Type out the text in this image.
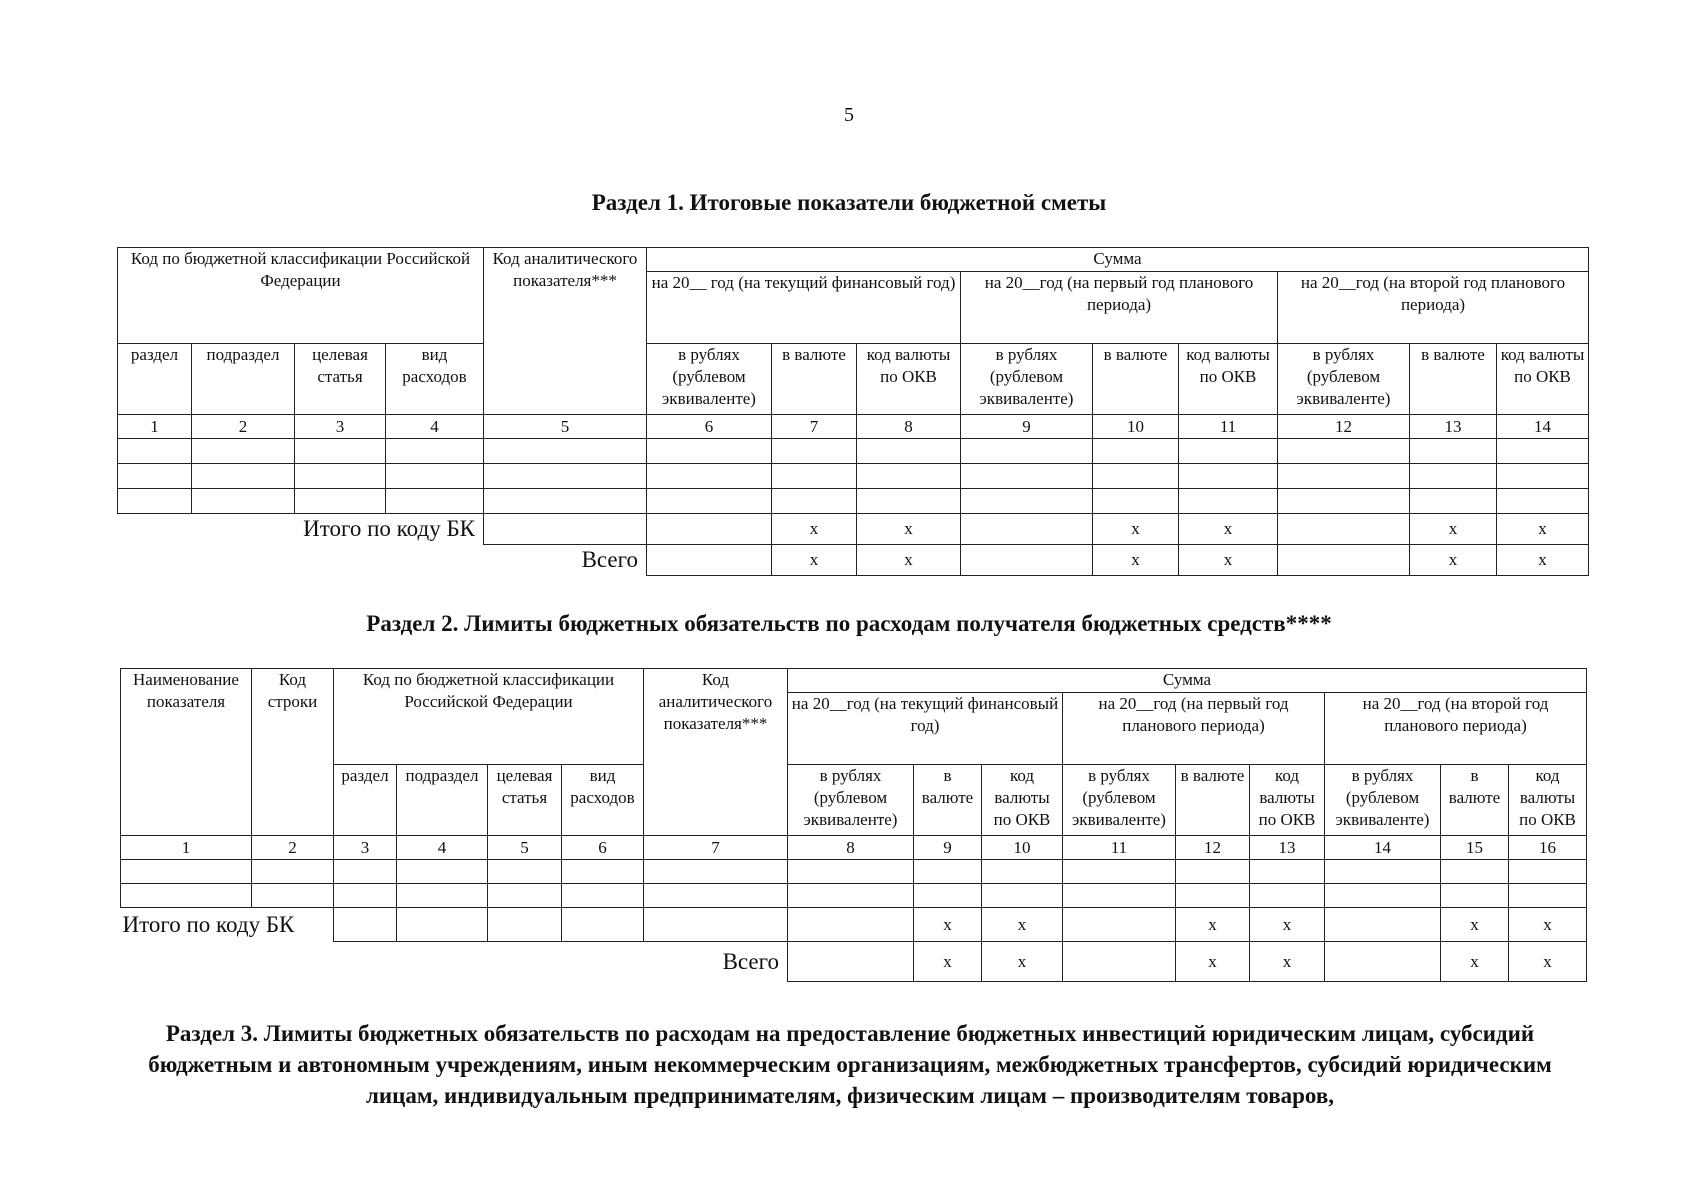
5
Раздел 1. Итоговые показатели бюджетной сметы
Код по бюджетной классификации Российской Федерации				Код аналитического показателя***	Сумма								
					на 20__ год (на текущий финансовый год)			на 20__год (на первый год планового периода)			на 20__год (на второй год планового периода)		
раздел	подраздел	целевая статья	вид расходов		в рублях (рублевом эквиваленте)	в валюте	код валюты по ОКВ	в рублях (рублевом эквиваленте)	в валюте	код валюты по ОКВ	в рублях (рублевом эквиваленте)	в валюте	код валюты по ОКВ
1	2	3	4	5	6	7	8	9	10	11	12	13	14

Итого по коду БК						x	x		x	x		x	x
Всего						x	x		x	x		x	x
Раздел 2. Лимиты бюджетных обязательств по расходам получателя бюджетных средств****
Наименование показателя	Код строки	Код по бюджетной классификации Российской Федерации				Код аналитического показателя***	Сумма								
							на 20__год (на текущий финансовый год)			на 20__год (на первый год планового периода)			на 20__год (на второй год планового периода)		
		раздел	подраздел	целевая статья	вид расходов		в рублях (рублевом эквиваленте)	в валюте	код валюты по ОКВ	в рублях (рублевом эквиваленте)	в валюте	код валюты по ОКВ	в рублях (рублевом эквиваленте)	в валюте	код валюты по ОКВ
1	2	3	4	5	6	7	8	9	10	11	12	13	14	15	16

Итого по коду БК								x	x		x	x		x	x
Всего								x	x		x	x		x	x
Раздел 3. Лимиты бюджетных обязательств по расходам на предоставление бюджетных инвестиций юридическим лицам, субсидий бюджетным и автономным учреждениям, иным некоммерческим организациям, межбюджетных трансфертов, субсидий юридическим лицам, индивидуальным предпринимателям, физическим лицам – производителям товаров,
